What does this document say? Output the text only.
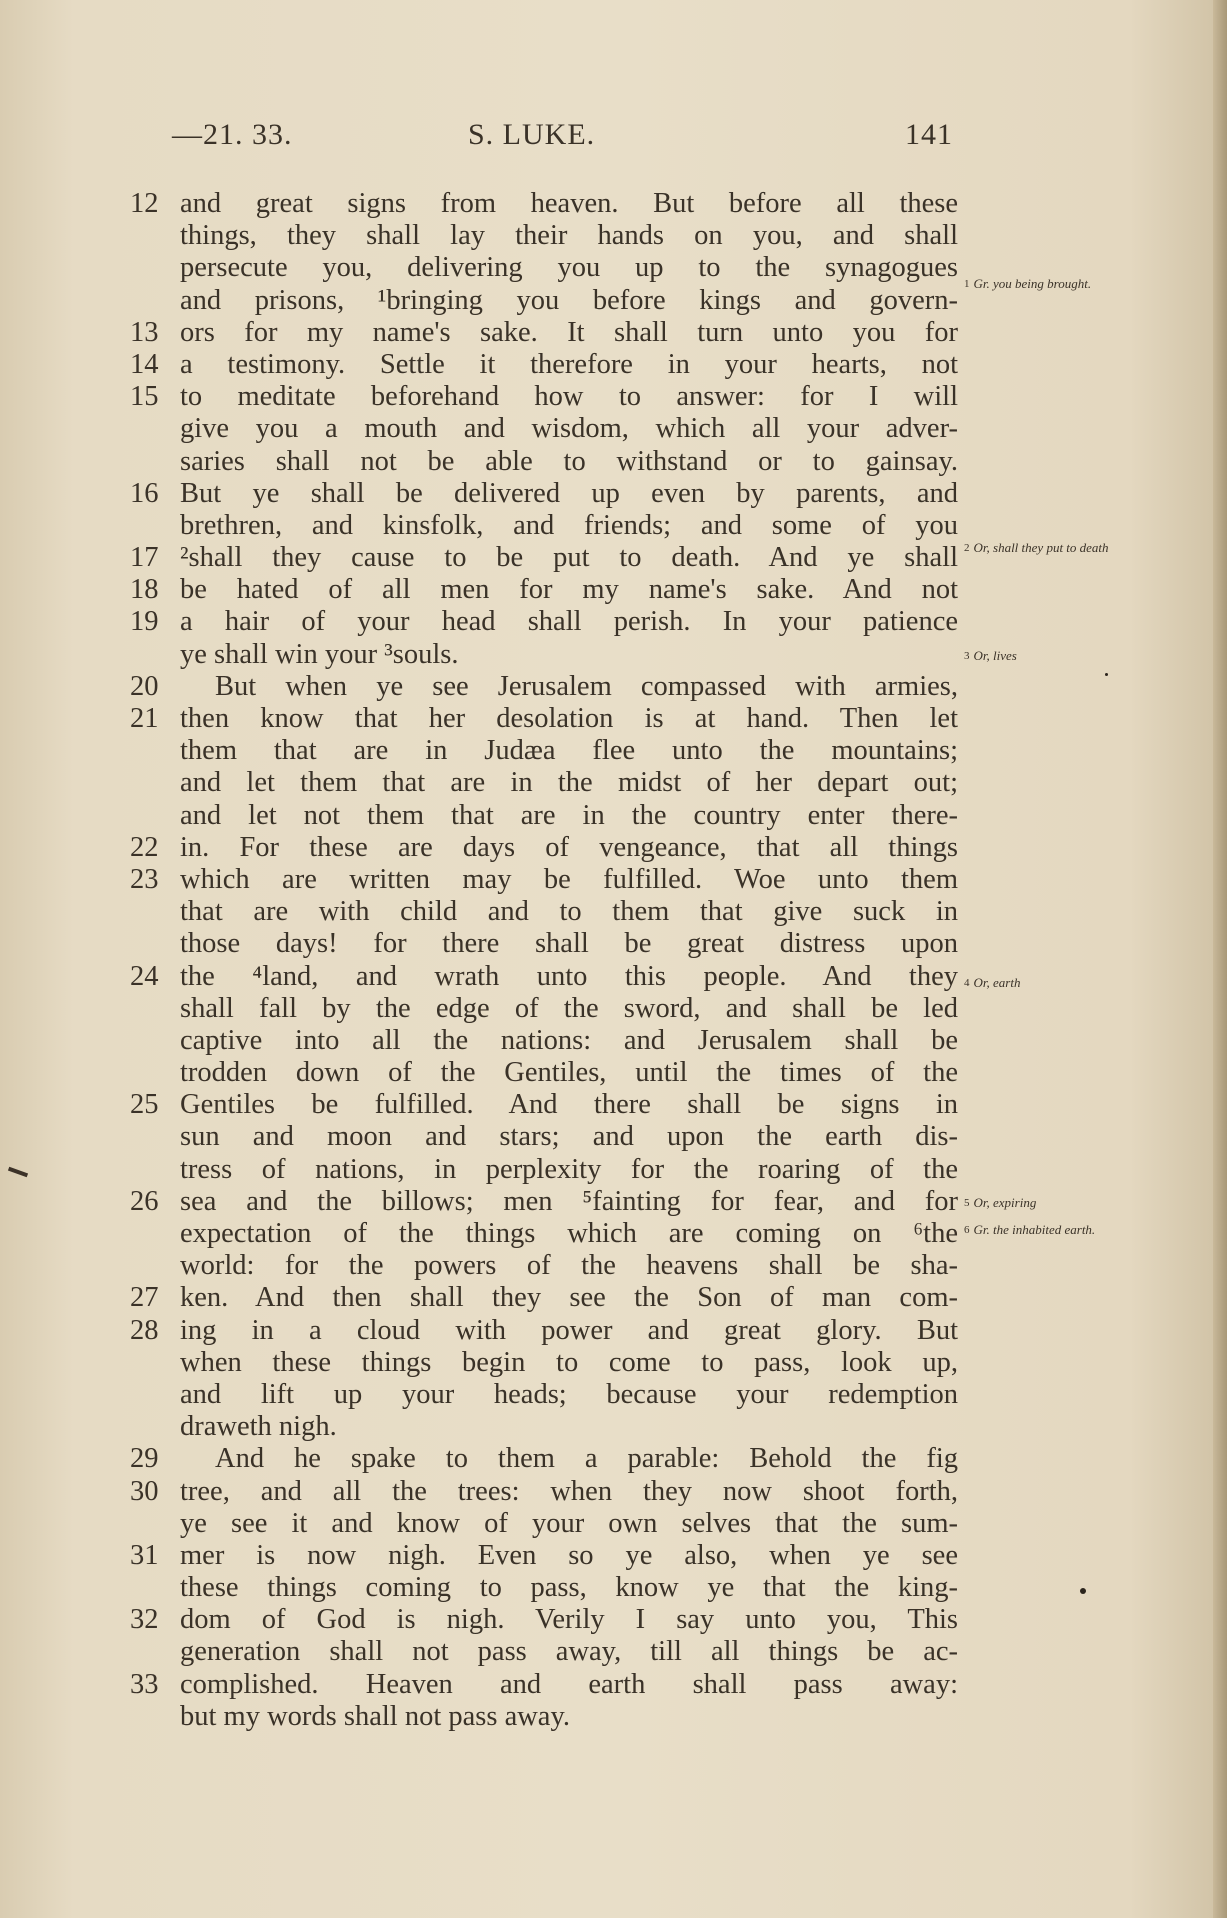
—21. 33.	S. LUKE.	141
12 and great signs from heaven. But before all these
things, they shall lay their hands on you, and shall
persecute you, delivering you up to the synagogues
and prisons, ¹bringing you before kings and govern-
13 ors for my name's sake. It shall turn unto you for
14 a testimony. Settle it therefore in your hearts, not
15 to meditate beforehand how to answer: for I will
give you a mouth and wisdom, which all your adver-
saries shall not be able to withstand or to gainsay.
16 But ye shall be delivered up even by parents, and
brethren, and kinsfolk, and friends; and some of you
17 ²shall they cause to be put to death. And ye shall
18 be hated of all men for my name's sake. And not
19 a hair of your head shall perish. In your patience
ye shall win your ³souls.
20	But when ye see Jerusalem compassed with armies,
21 then know that her desolation is at hand. Then let
them that are in Judæa flee unto the mountains;
and let them that are in the midst of her depart out;
and let not them that are in the country enter there-
22 in. For these are days of vengeance, that all things
23 which are written may be fulfilled. Woe unto them
that are with child and to them that give suck in
those days! for there shall be great distress upon
24 the ⁴land, and wrath unto this people. And they
shall fall by the edge of the sword, and shall be led
captive into all the nations: and Jerusalem shall be
trodden down of the Gentiles, until the times of the
25 Gentiles be fulfilled. And there shall be signs in
sun and moon and stars; and upon the earth dis-
tress of nations, in perplexity for the roaring of the
26 sea and the billows; men ⁵fainting for fear, and for
expectation of the things which are coming on ⁶the
world: for the powers of the heavens shall be sha-
27 ken. And then shall they see the Son of man com-
28 ing in a cloud with power and great glory. But
when these things begin to come to pass, look up,
and lift up your heads; because your redemption
draweth nigh.
29	And he spake to them a parable: Behold the fig
30 tree, and all the trees: when they now shoot forth,
ye see it and know of your own selves that the sum-
31 mer is now nigh. Even so ye also, when ye see
these things coming to pass, know ye that the king-
32 dom of God is nigh. Verily I say unto you, This
generation shall not pass away, till all things be ac-
33 complished. Heaven and earth shall pass away:
but my words shall not pass away.
$^1$ Gr. you being brought.
$^2$ Or, shall they put to death
$^3$ Or, lives
$^4$ Or, earth
$^5$ Or, expiring
$^6$ Gr. the inhabited earth.
